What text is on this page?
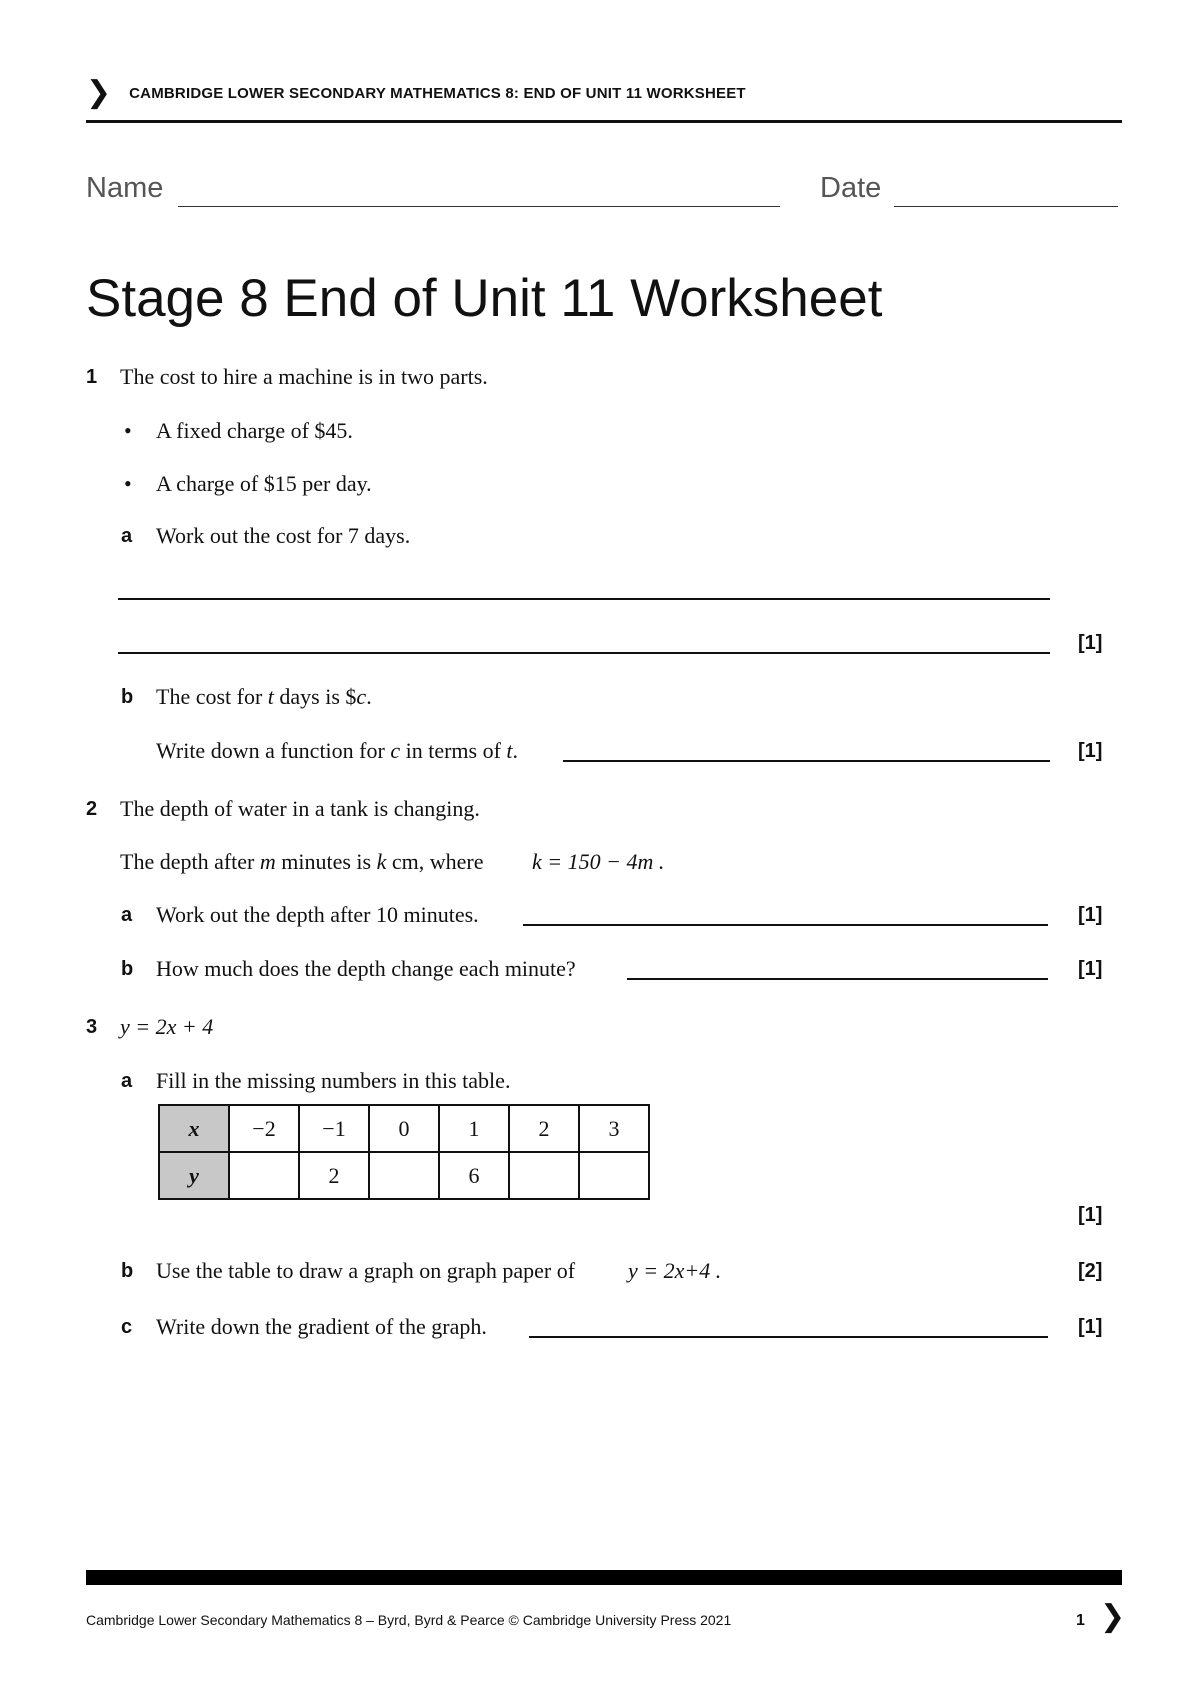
❯ CAMBRIDGE LOWER SECONDARY MATHEMATICS 8: END OF UNIT 11 WORKSHEET
Name	Date
Stage 8 End of Unit 11 Worksheet
1 The cost to hire a machine is in two parts.
• A fixed charge of $45.
• A charge of $15 per day.
a Work out the cost for 7 days.
[1]
b The cost for t days is $c.
Write down a function for c in terms of t.	[1]
2 The depth of water in a tank is changing.
The depth after m minutes is k cm, where k = 150 − 4m .
a Work out the depth after 10 minutes.	[1]
b How much does the depth change each minute?	[1]
3 y = 2x + 4
a Fill in the missing numbers in this table.
x	−2	−1	0	1	2	3
y		2		6		
[1]
b Use the table to draw a graph on graph paper of y = 2x+4 .	[2]
c Write down the gradient of the graph.	[1]
Cambridge Lower Secondary Mathematics 8 – Byrd, Byrd & Pearce © Cambridge University Press 2021	1 ❯
